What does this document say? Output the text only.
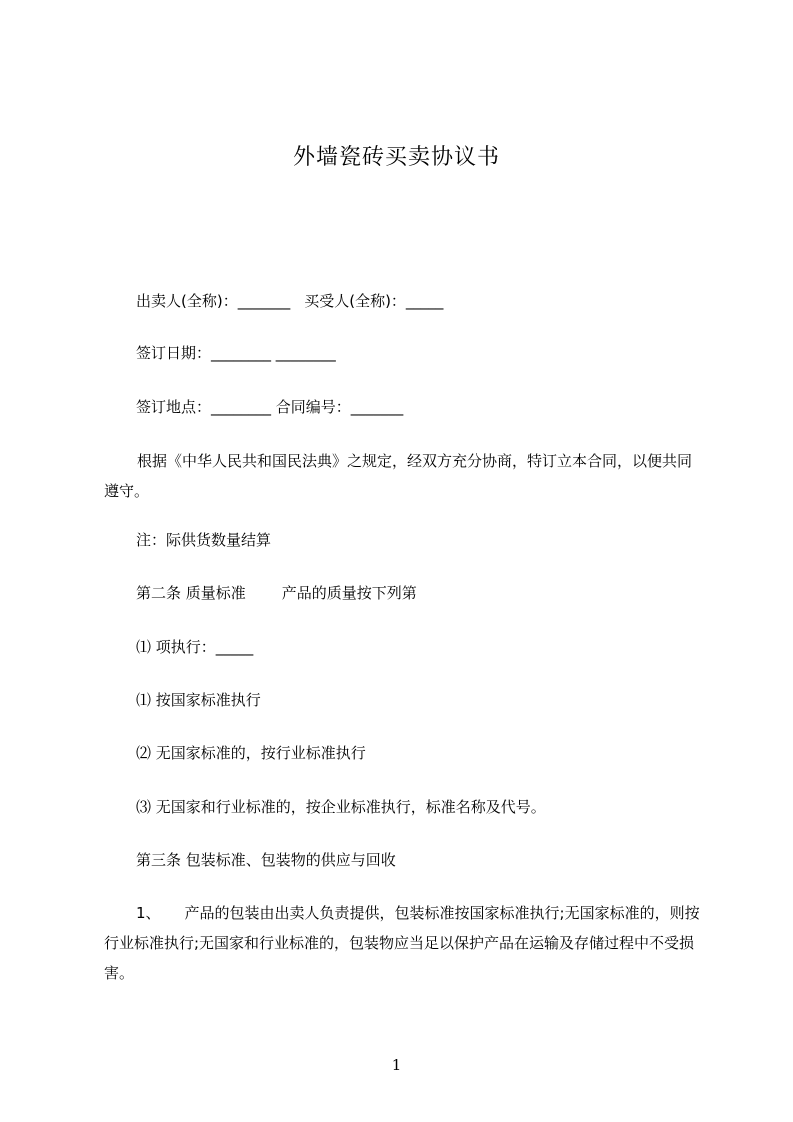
外墙瓷砖买卖协议书
出卖人(全称)：_______ 买受人(全称)：_____
签订日期：________ ________
签订地点：________ 合同编号：_______
根据《中华人民共和国民法典》之规定，经双方充分协商，特订立本合同，以便共同遵守。
注：际供货数量结算
第二条 质量标准 产品的质量按下列第
⑴ 项执行：_____
⑴ 按国家标准执行
⑵ 无国家标准的，按行业标准执行
⑶ 无国家和行业标准的，按企业标准执行，标准名称及代号。
第三条 包装标准、包装物的供应与回收
1、 产品的包装由出卖人负责提供，包装标准按国家标准执行;无国家标准的，则按行业标准执行;无国家和行业标准的，包装物应当足以保护产品在运输及存储过程中不受损害。
1
